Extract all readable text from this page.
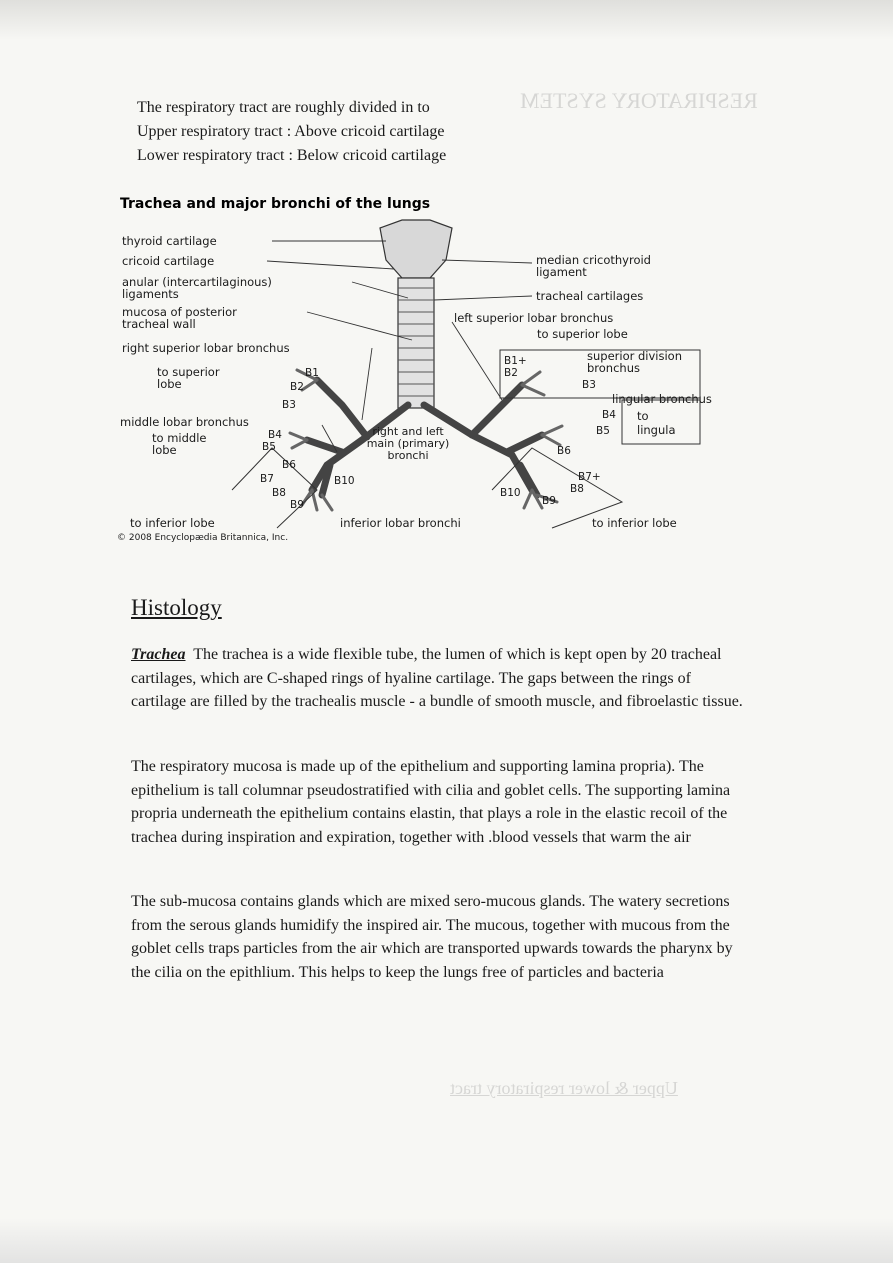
RESPIRATORY SYSTEM
Upper & lower respiratory tract
The respiratory tract are roughly divided in to
Upper respiratory tract : Above cricoid cartilage
Lower respiratory tract : Below cricoid cartilage
Trachea and major bronchi of the lungs
thyroid cartilage
cricoid cartilage
anular (intercartilaginous)
ligaments
mucosa of posterior
tracheal wall
right superior lobar bronchus
to superior
lobe
middle lobar bronchus
to middle
lobe
to inferior lobe
© 2008 Encyclopædia Britannica, Inc.
median cricothyroid
ligament
tracheal cartilages
left superior lobar bronchus
to superior lobe
superior division
bronchus
lingular bronchus
to
lingula
to inferior lobe
inferior lobar bronchi
right and left
main (primary)
bronchi
B1
B2
B3
B4
B5
B6
B7
B8
B9
B10
B1+
B2
B3
B4
B5
B6
B7+
B8
B9
B10
Histology
Trachea The trachea is a wide flexible tube, the lumen of which is kept open by 20 tracheal cartilages, which are C-shaped rings of hyaline cartilage. The gaps between the rings of cartilage are filled by the trachealis muscle - a bundle of smooth muscle, and fibroelastic tissue.
The respiratory mucosa is made up of the epithelium and supporting lamina propria). The epithelium is tall columnar pseudostratified with cilia and goblet cells. The supporting lamina propria underneath the epithelium contains elastin, that plays a role in the elastic recoil of the trachea during inspiration and expiration, together with .blood vessels that warm the air
The sub-mucosa contains glands which are mixed sero-mucous glands. The watery secretions from the serous glands humidify the inspired air. The mucous, together with mucous from the goblet cells traps particles from the air which are transported upwards towards the pharynx by the cilia on the epithlium. This helps to keep the lungs free of particles and bacteria
